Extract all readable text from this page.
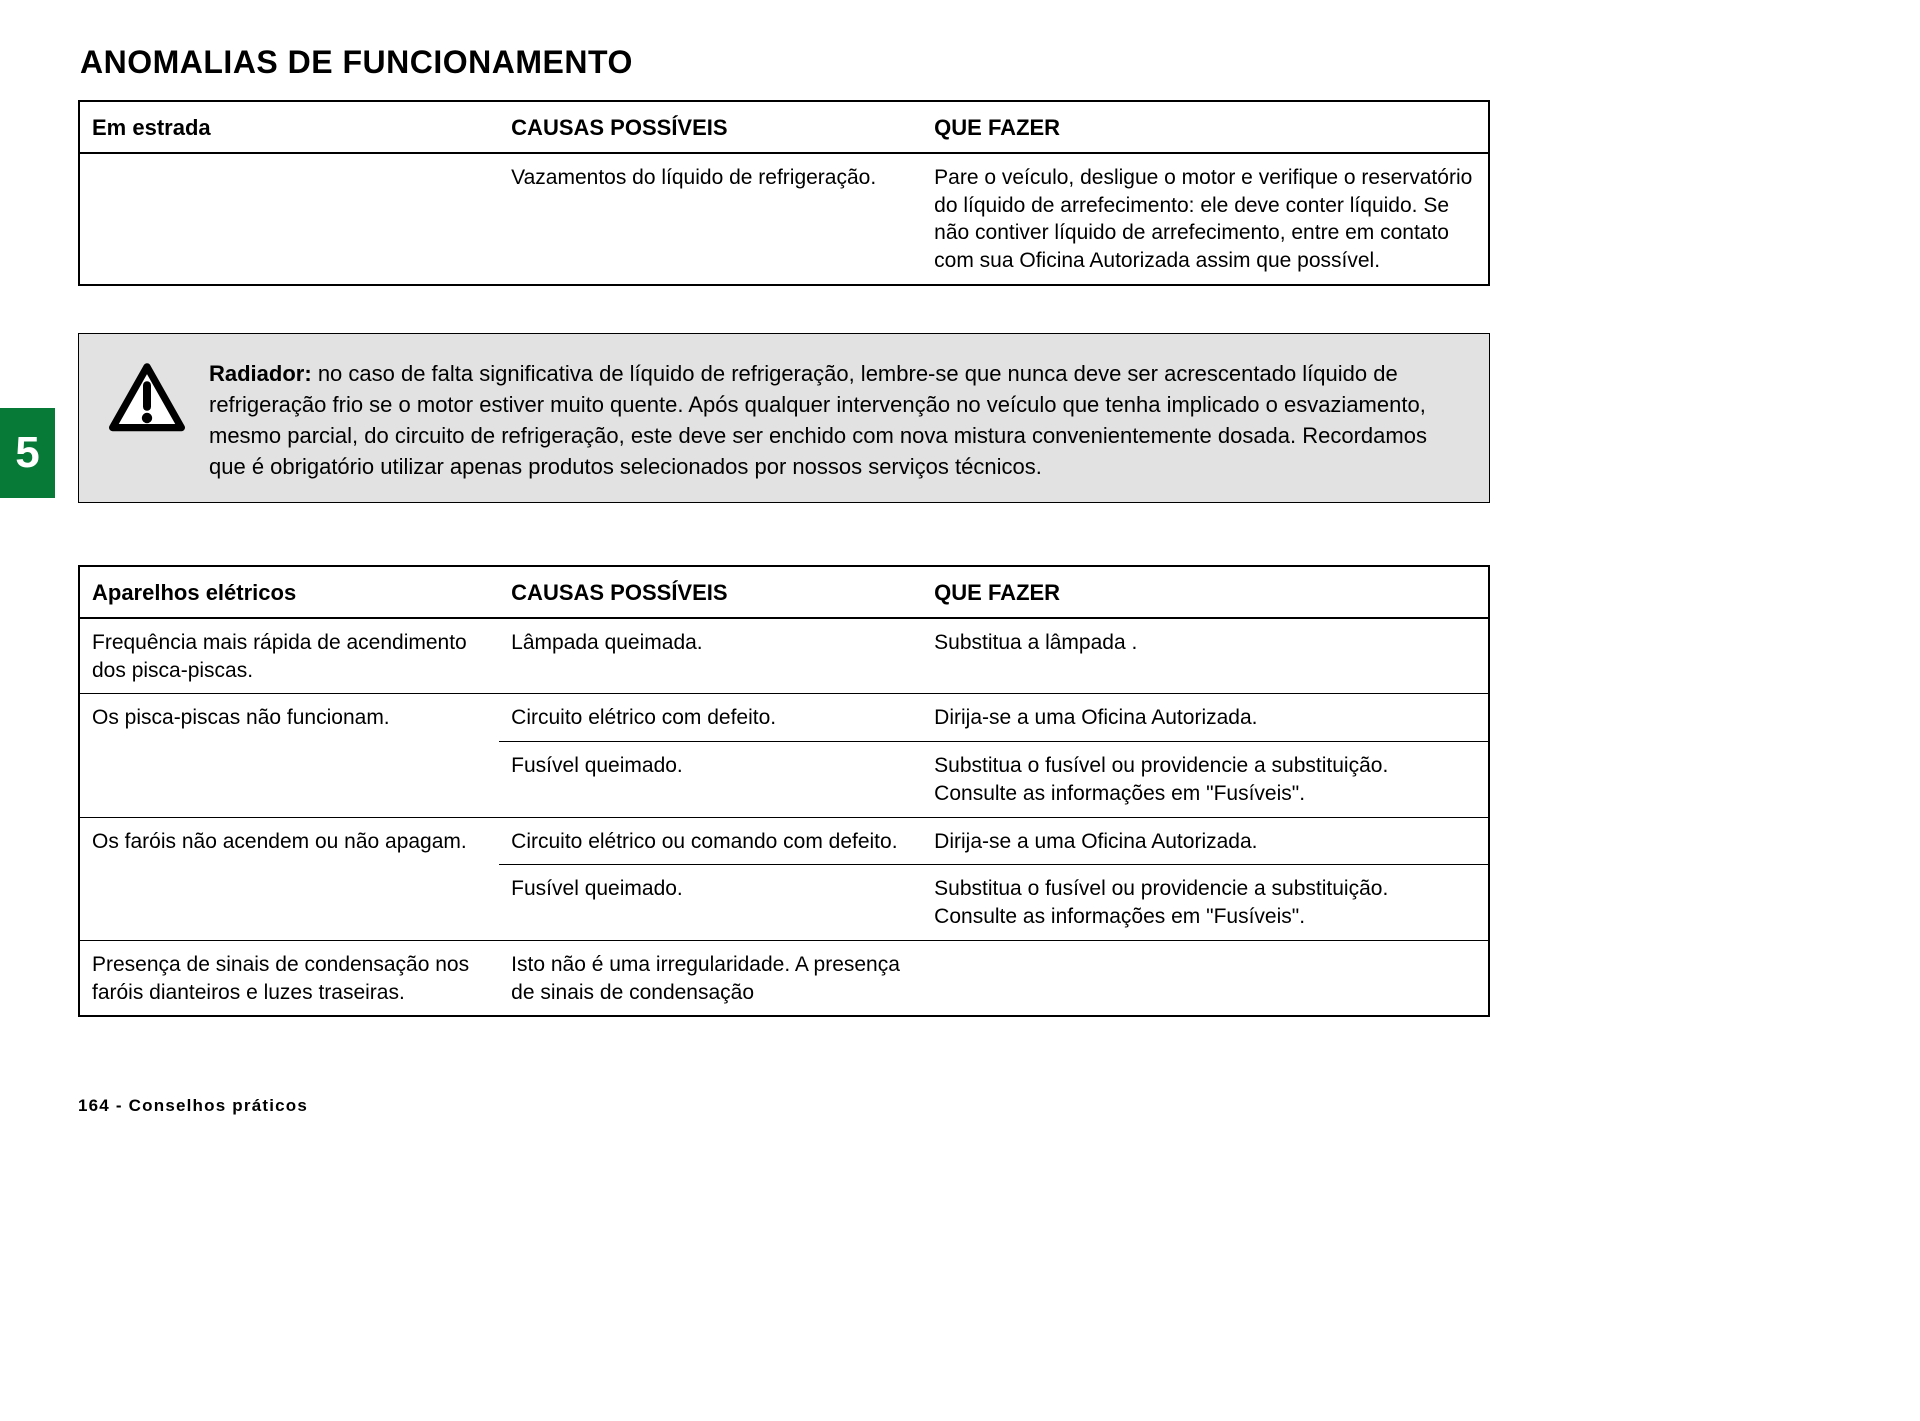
ANOMALIAS DE FUNCIONAMENTO
Em estrada	CAUSAS POSSÍVEIS	QUE FAZER
	Vazamentos do líquido de refrigeração.	Pare o veículo, desligue o motor e verifique o reservatório do líquido de arrefecimento: ele deve conter líquido. Se não contiver líquido de arrefecimento, entre em contato com sua Oficina Autorizada assim que possível.
Radiador: no caso de falta significativa de líquido de refrigeração, lembre-se que nunca deve ser acrescentado líquido de refrigeração frio se o motor estiver muito quente. Após qualquer intervenção no veículo que tenha implicado o esvaziamento, mesmo parcial, do circuito de refrigeração, este deve ser enchido com nova mistura convenientemente dosada. Recordamos que é obrigatório utilizar apenas produtos selecionados por nossos serviços técnicos.
5
Aparelhos elétricos	CAUSAS POSSÍVEIS	QUE FAZER
Frequência mais rápida de acendimento dos pisca-piscas.	Lâmpada queimada.	Substitua a lâmpada .
Os pisca-piscas não funcionam.	Circuito elétrico com defeito.	Dirija-se a uma Oficina Autorizada.
	Fusível queimado.	Substitua o fusível ou providencie a substituição. Consulte as informações em "Fusíveis".
Os faróis não acendem ou não apagam.	Circuito elétrico ou comando com defeito.	Dirija-se a uma Oficina Autorizada.
	Fusível queimado.	Substitua o fusível ou providencie a substituição. Consulte as informações em "Fusíveis".
Presença de sinais de condensação nos faróis dianteiros e luzes traseiras.	Isto não é uma irregularidade. A presença de sinais de condensação	
164 - Conselhos práticos
